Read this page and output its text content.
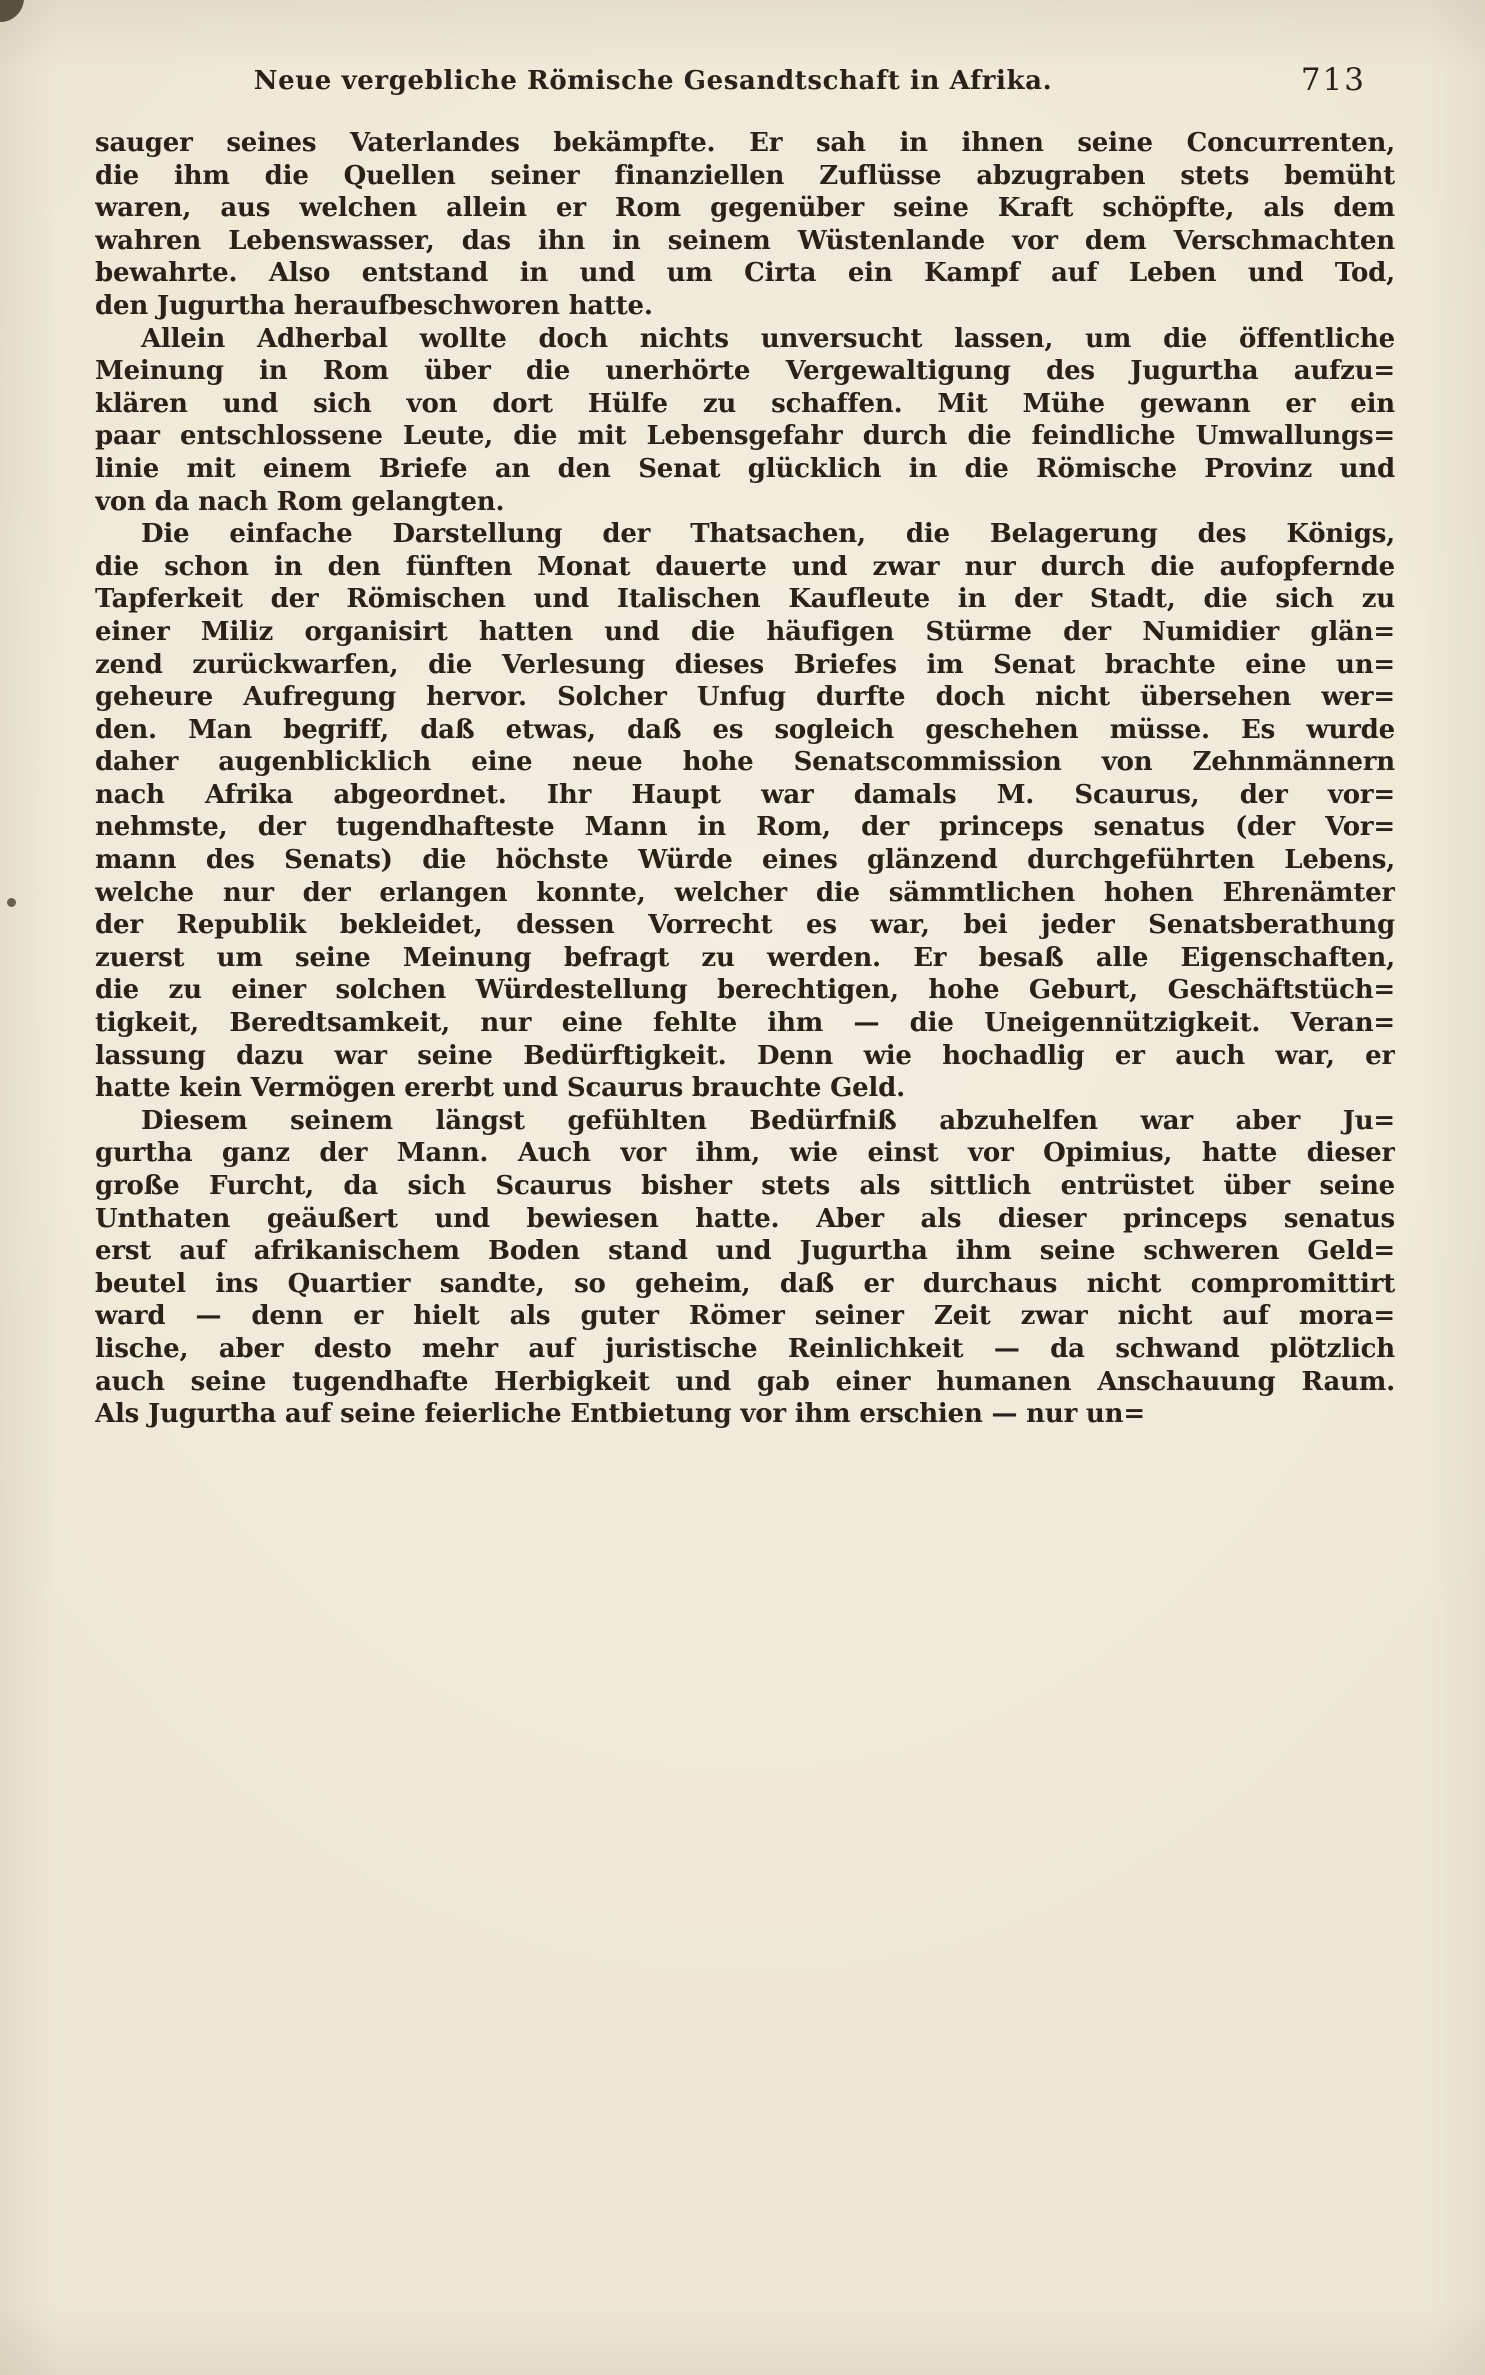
Neue vergebliche Römische Gesandtschaft in Afrika.	713
sauger seines Vaterlandes bekämpfte. Er sah in ihnen seine Concurrenten,
die ihm die Quellen seiner finanziellen Zuflüsse abzugraben stets bemüht
waren, aus welchen allein er Rom gegenüber seine Kraft schöpfte, als dem
wahren Lebenswasser, das ihn in seinem Wüstenlande vor dem Verschmachten
bewahrte. Also entstand in und um Cirta ein Kampf auf Leben und Tod,
den Jugurtha heraufbeschworen hatte.
Allein Adherbal wollte doch nichts unversucht lassen, um die öffentliche
Meinung in Rom über die unerhörte Vergewaltigung des Jugurtha aufzu=
klären und sich von dort Hülfe zu schaffen. Mit Mühe gewann er ein
paar entschlossene Leute, die mit Lebensgefahr durch die feindliche Umwallungs=
linie mit einem Briefe an den Senat glücklich in die Römische Provinz und
von da nach Rom gelangten.
Die einfache Darstellung der Thatsachen, die Belagerung des Königs,
die schon in den fünften Monat dauerte und zwar nur durch die aufopfernde
Tapferkeit der Römischen und Italischen Kaufleute in der Stadt, die sich zu
einer Miliz organisirt hatten und die häufigen Stürme der Numidier glän=
zend zurückwarfen, die Verlesung dieses Briefes im Senat brachte eine un=
geheure Aufregung hervor. Solcher Unfug durfte doch nicht übersehen wer=
den. Man begriff, daß etwas, daß es sogleich geschehen müsse. Es wurde
daher augenblicklich eine neue hohe Senatscommission von Zehnmännern
nach Afrika abgeordnet. Ihr Haupt war damals M. Scaurus, der vor=
nehmste, der tugendhafteste Mann in Rom, der princeps senatus (der Vor=
mann des Senats) die höchste Würde eines glänzend durchgeführten Lebens,
welche nur der erlangen konnte, welcher die sämmtlichen hohen Ehrenämter
der Republik bekleidet, dessen Vorrecht es war, bei jeder Senatsberathung
zuerst um seine Meinung befragt zu werden. Er besaß alle Eigenschaften,
die zu einer solchen Würdestellung berechtigen, hohe Geburt, Geschäftstüch=
tigkeit, Beredtsamkeit, nur eine fehlte ihm — die Uneigennützigkeit. Veran=
lassung dazu war seine Bedürftigkeit. Denn wie hochadlig er auch war, er
hatte kein Vermögen ererbt und Scaurus brauchte Geld.
Diesem seinem längst gefühlten Bedürfniß abzuhelfen war aber Ju=
gurtha ganz der Mann. Auch vor ihm, wie einst vor Opimius, hatte dieser
große Furcht, da sich Scaurus bisher stets als sittlich entrüstet über seine
Unthaten geäußert und bewiesen hatte. Aber als dieser princeps senatus
erst auf afrikanischem Boden stand und Jugurtha ihm seine schweren Geld=
beutel ins Quartier sandte, so geheim, daß er durchaus nicht compromittirt
ward — denn er hielt als guter Römer seiner Zeit zwar nicht auf mora=
lische, aber desto mehr auf juristische Reinlichkeit — da schwand plötzlich
auch seine tugendhafte Herbigkeit und gab einer humanen Anschauung Raum.
Als Jugurtha auf seine feierliche Entbietung vor ihm erschien — nur un=
